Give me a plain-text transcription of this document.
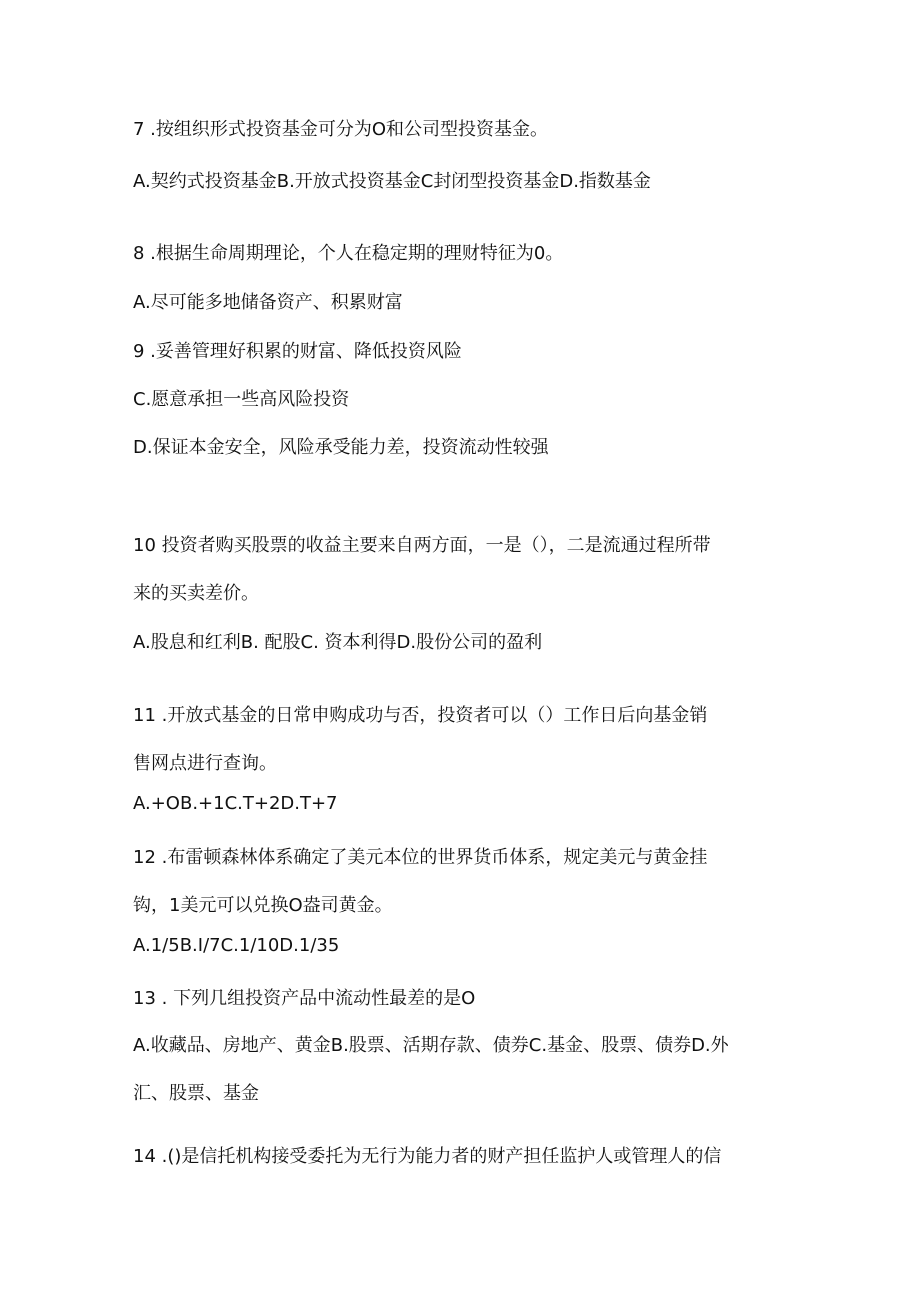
7 .按组织形式投资基金可分为O和公司型投资基金。
A.契约式投资基金B.开放式投资基金C封闭型投资基金D.指数基金
8 .根据生命周期理论，个人在稳定期的理财特征为0。
A.尽可能多地储备资产、积累财富
9 .妥善管理好积累的财富、降低投资风险
C.愿意承担一些高风险投资
D.保证本金安全，风险承受能力差，投资流动性较强
10 投资者购买股票的收益主要来自两方面，一是（），二是流通过程所带
来的买卖差价。
A.股息和红利B. 配股C. 资本利得D.股份公司的盈利
11 .开放式基金的日常申购成功与否，投资者可以（）工作日后向基金销
售网点进行查询。
A.+OB.+1C.T+2D.T+7
12 .布雷顿森林体系确定了美元本位的世界货币体系，规定美元与黄金挂
钩，1美元可以兑换O盎司黄金。
A.1/5B.I/7C.1/10D.1/35
13 . 下列几组投资产品中流动性最差的是O
A.收藏品、房地产、黄金B.股票、活期存款、债券C.基金、股票、债券D.外
汇、股票、基金
14 .()是信托机构接受委托为无行为能力者的财产担任监护人或管理人的信
